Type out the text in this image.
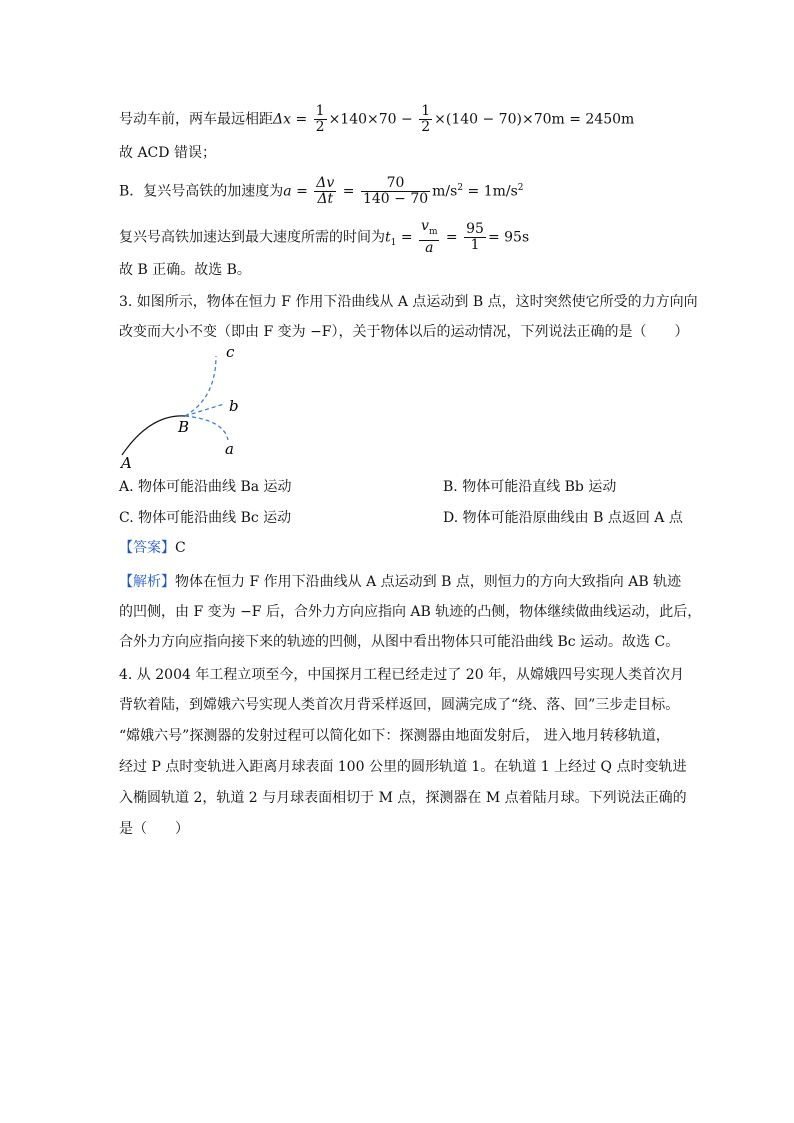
号动车前，两车最远相距$\Delta x = \frac{1}{2} \times 140\times 70 - \frac{1}{2} \times(140 - 70)\times 70m = 2450m$
故 ACD 错误；
B．复兴号高铁的加速度为$a = \frac{\Delta v}{\Delta t} = \frac{70}{140 - 70} m/s^2 = 1m/s^2$
复兴号高铁加速达到最大速度所需的时间为$t_1 = \frac{v_m}{a} = \frac{95}{1} = 95s$
故 B 正确。故选 B。
3. 如图所示，物体在恒力 F 作用下沿曲线从 A 点运动到 B 点，这时突然使它所受的力方向向
改变而大小不变（即由 F 变为 −F），关于物体以后的运动情况，下列说法正确的是（　　）
A
B
a
b
c
A. 物体可能沿曲线 Ba 运动	B. 物体可能沿直线 Bb 运动
C. 物体可能沿曲线 Bc 运动	D. 物体可能沿原曲线由 B 点返回 A 点
【答案】C
【解析】物体在恒力 F 作用下沿曲线从 A 点运动到 B 点，则恒力的方向大致指向 AB 轨迹
的凹侧，由 F 变为 −F 后，合外力方向应指向 AB 轨迹的凸侧，物体继续做曲线运动，此后，
合外力方向应指向接下来的轨迹的凹侧，从图中看出物体只可能沿曲线 Bc 运动。故选 C。
4. 从 2004 年工程立项至今，中国探月工程已经走过了 20 年，从嫦娥四号实现人类首次月
背软着陆，到嫦娥六号实现人类首次月背采样返回，圆满完成了“绕、落、回”三步走目标。
“嫦娥六号”探测器的发射过程可以简化如下：探测器由地面发射后， 进入地月转移轨道，
经过 P 点时变轨进入距离月球表面 100 公里的圆形轨道 1。在轨道 1 上经过 Q 点时变轨进
入椭圆轨道 2，轨道 2 与月球表面相切于 M 点，探测器在 M 点着陆月球。下列说法正确的
是（　　）
